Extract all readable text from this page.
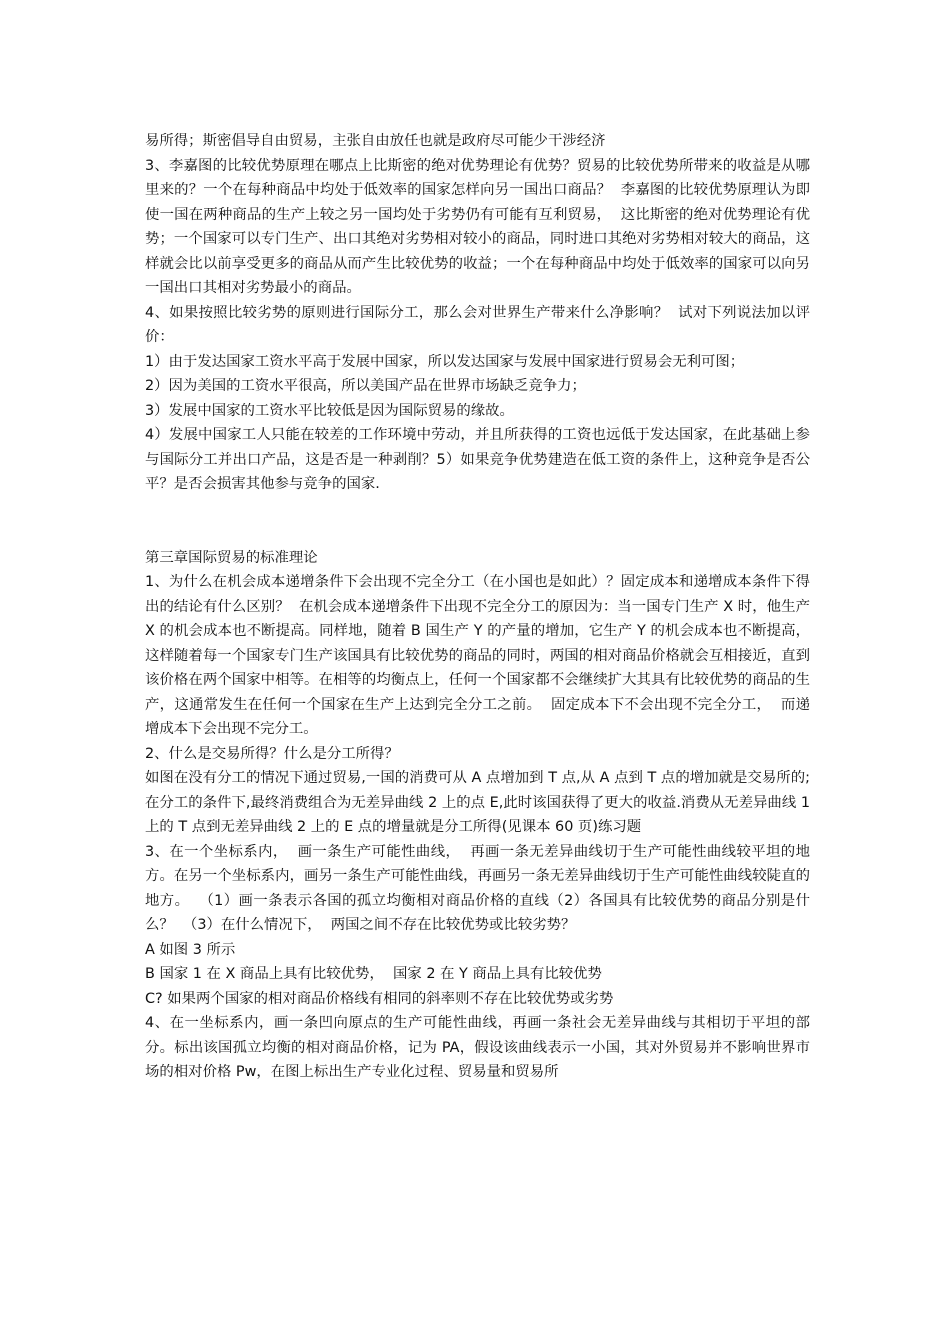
易所得；斯密倡导自由贸易，主张自由放任也就是政府尽可能少干涉经济
3、李嘉图的比较优势原理在哪点上比斯密的绝对优势理论有优势？贸易的比较优势所带来的收益是从哪里来的？一个在每种商品中均处于低效率的国家怎样向另一国出口商品？  李嘉图的比较优势原理认为即使一国在两种商品的生产上较之另一国均处于劣势仍有可能有互利贸易，  这比斯密的绝对优势理论有优势；一个国家可以专门生产、出口其绝对劣势相对较小的商品，同时进口其绝对劣势相对较大的商品，这样就会比以前享受更多的商品从而产生比较优势的收益；一个在每种商品中均处于低效率的国家可以向另一国出口其相对劣势最小的商品。
4、如果按照比较劣势的原则进行国际分工，那么会对世界生产带来什么净影响？  试对下列说法加以评价：
1）由于发达国家工资水平高于发展中国家，所以发达国家与发展中国家进行贸易会无利可图；
2）因为美国的工资水平很高，所以美国产品在世界市场缺乏竞争力；
3）发展中国家的工资水平比较低是因为国际贸易的缘故。
4）发展中国家工人只能在较差的工作环境中劳动，并且所获得的工资也远低于发达国家，在此基础上参与国际分工并出口产品，这是否是一种剥削？5）如果竞争优势建造在低工资的条件上，这种竞争是否公平？是否会损害其他参与竞争的国家.
第三章国际贸易的标准理论
1、为什么在机会成本递增条件下会出现不完全分工（在小国也是如此）？固定成本和递增成本条件下得出的结论有什么区别？  在机会成本递增条件下出现不完全分工的原因为：当一国专门生产 X 时，他生产 X 的机会成本也不断提高。同样地，随着 B 国生产 Y 的产量的增加，它生产 Y 的机会成本也不断提高，  这样随着每一个国家专门生产该国具有比较优势的商品的同时，两国的相对商品价格就会互相接近，直到该价格在两个国家中相等。在相等的均衡点上，任何一个国家都不会继续扩大其具有比较优势的商品的生产，这通常发生在任何一个国家在生产上达到完全分工之前。  固定成本下不会出现不完全分工，  而递增成本下会出现不完分工。
2、什么是交易所得？什么是分工所得？
如图在没有分工的情况下通过贸易,一国的消费可从 A 点增加到 T 点,从 A 点到 T 点的增加就是交易所的;在分工的条件下,最终消费组合为无差异曲线 2 上的点 E,此时该国获得了更大的收益.消费从无差异曲线 1 上的 T 点到无差异曲线 2 上的 E 点的增量就是分工所得(见课本 60 页)练习题
3、在一个坐标系内，  画一条生产可能性曲线，  再画一条无差异曲线切于生产可能性曲线较平坦的地方。在另一个坐标系内，画另一条生产可能性曲线，再画另一条无差异曲线切于生产可能性曲线较陡直的地方。  （1）画一条表示各国的孤立均衡相对商品价格的直线（2）各国具有比较优势的商品分别是什么？  （3）在什么情况下，  两国之间不存在比较优势或比较劣势？
A 如图 3 所示
B 国家 1 在 X 商品上具有比较优势，  国家 2 在 Y 商品上具有比较优势
C? 如果两个国家的相对商品价格线有相同的斜率则不存在比较优势或劣势
4、在一坐标系内，画一条凹向原点的生产可能性曲线，再画一条社会无差异曲线与其相切于平坦的部分。标出该国孤立均衡的相对商品价格，记为 PA，假设该曲线表示一小国，其对外贸易并不影响世界市场的相对价格 Pw，在图上标出生产专业化过程、贸易量和贸易所
